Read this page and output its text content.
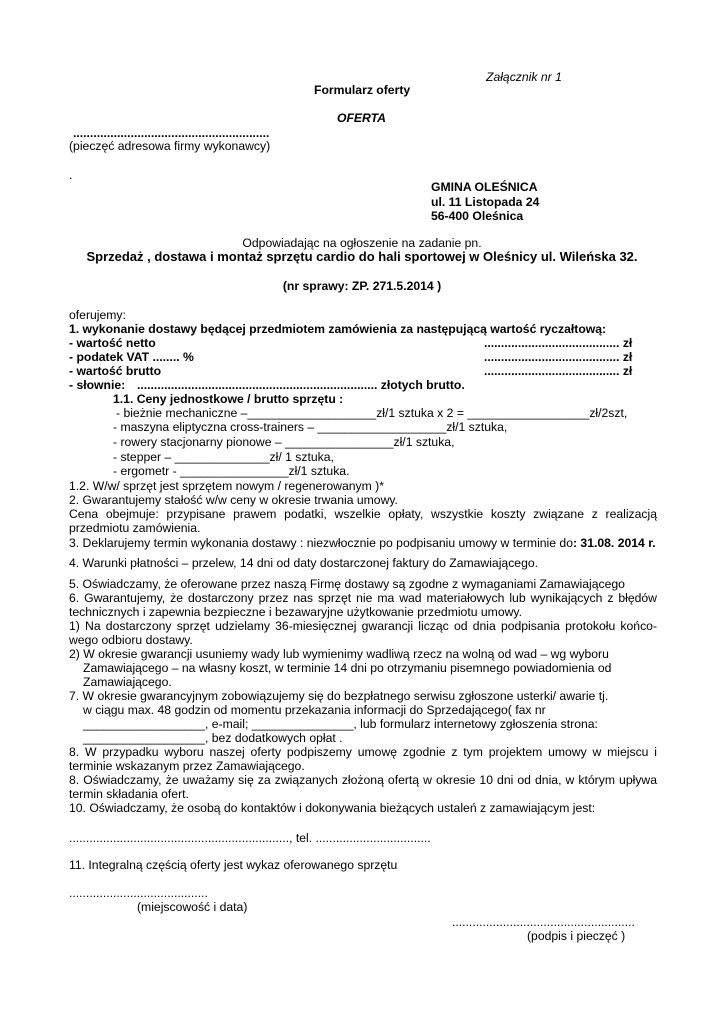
Załącznik nr 1
Formularz oferty
OFERTA
..........................................................
(pieczęć adresowa firmy wykonawcy)
.
GMINA OLEŚNICA
ul. 11 Listopada 24
56-400 Oleśnica
Odpowiadając na ogłoszenie na zadanie pn.
Sprzedaż , dostawa i montaż sprzętu cardio do hali sportowej w Oleśnicy ul. Wileńska 32.
(nr sprawy: ZP. 271.5.2014 )
oferujemy:
1. wykonanie dostawy będącej przedmiotem zamówienia za następującą wartość ryczałtową:
- wartość netto	........................................ zł
- podatek VAT ........ %	........................................ zł
- wartość brutto	........................................ zł
- słownie: ....................................................................... złotych brutto.
1.1. Ceny jednostkowe / brutto sprzętu :
- bieżnie mechaniczne –___________________zł/1 sztuka x 2 = __________________zł/2szt,
- maszyna eliptyczna cross-trainers – ___________________zł/1 sztuka,
- rowery stacjonarny pionowe – ________________zł/1 sztuka,
- stepper – ______________zł/ 1 sztuka,
- ergometr - ________________zł/1 sztuka.
1.2. W/w/ sprzęt jest sprzętem nowym / regenerowanym )*
2. Gwarantujemy stałość w/w ceny w okresie trwania umowy.
Cena obejmuje: przypisane prawem podatki, wszelkie opłaty, wszystkie koszty związane z realizacją przedmiotu zamówienia.
3. Deklarujemy termin wykonania dostawy : niezwłocznie po podpisaniu umowy w terminie do: 31.08. 2014 r.
4. Warunki płatności – przelew, 14 dni od daty dostarczonej faktury do Zamawiającego.
5. Oświadczamy, że oferowane przez naszą Firmę dostawy są zgodne z wymaganiami Zamawiającego
6. Gwarantujemy, że dostarczony przez nas sprzęt nie ma wad materiałowych lub wynikających z błędów technicznych i zapewnia bezpieczne i bezawaryjne użytkowanie przedmiotu umowy.
1) Na dostarczony sprzęt udzielamy 36-miesięcznej gwarancji licząc od dnia podpisania protokołu końco-wego odbioru dostawy.
2) W okresie gwarancji usuniemy wady lub wymienimy wadliwą rzecz na wolną od wad – wg wyboru
Zamawiającego – na własny koszt, w terminie 14 dni po otrzymaniu pisemnego powiadomienia od
Zamawiającego.
7. W okresie gwarancyjnym zobowiązujemy się do bezpłatnego serwisu zgłoszone usterki/ awarie tj.
w ciągu max. 48 godzin od momentu przekazania informacji do Sprzedającego( fax nr
__________________, e-mail; _______________, lub formularz internetowy zgłoszenia strona:
__________________, bez dodatkowych opłat .
8. W przypadku wyboru naszej oferty podpiszemy umowę zgodnie z tym projektem umowy w miejscu i terminie wskazanym przez Zamawiającego.
8. Oświadczamy, że uważamy się za związanych złożoną ofertą w okresie 10 dni od dnia, w którym upływa termin składania ofert.
10. Oświadczamy, że osobą do kontaktów i dokonywania bieżących ustaleń z zamawiającym jest:
................................................................., tel. ..................................
11. Integralną częścią oferty jest wykaz oferowanego sprzętu
.........................................
(miejscowość i data)
......................................................
(podpis i pieczęć )
